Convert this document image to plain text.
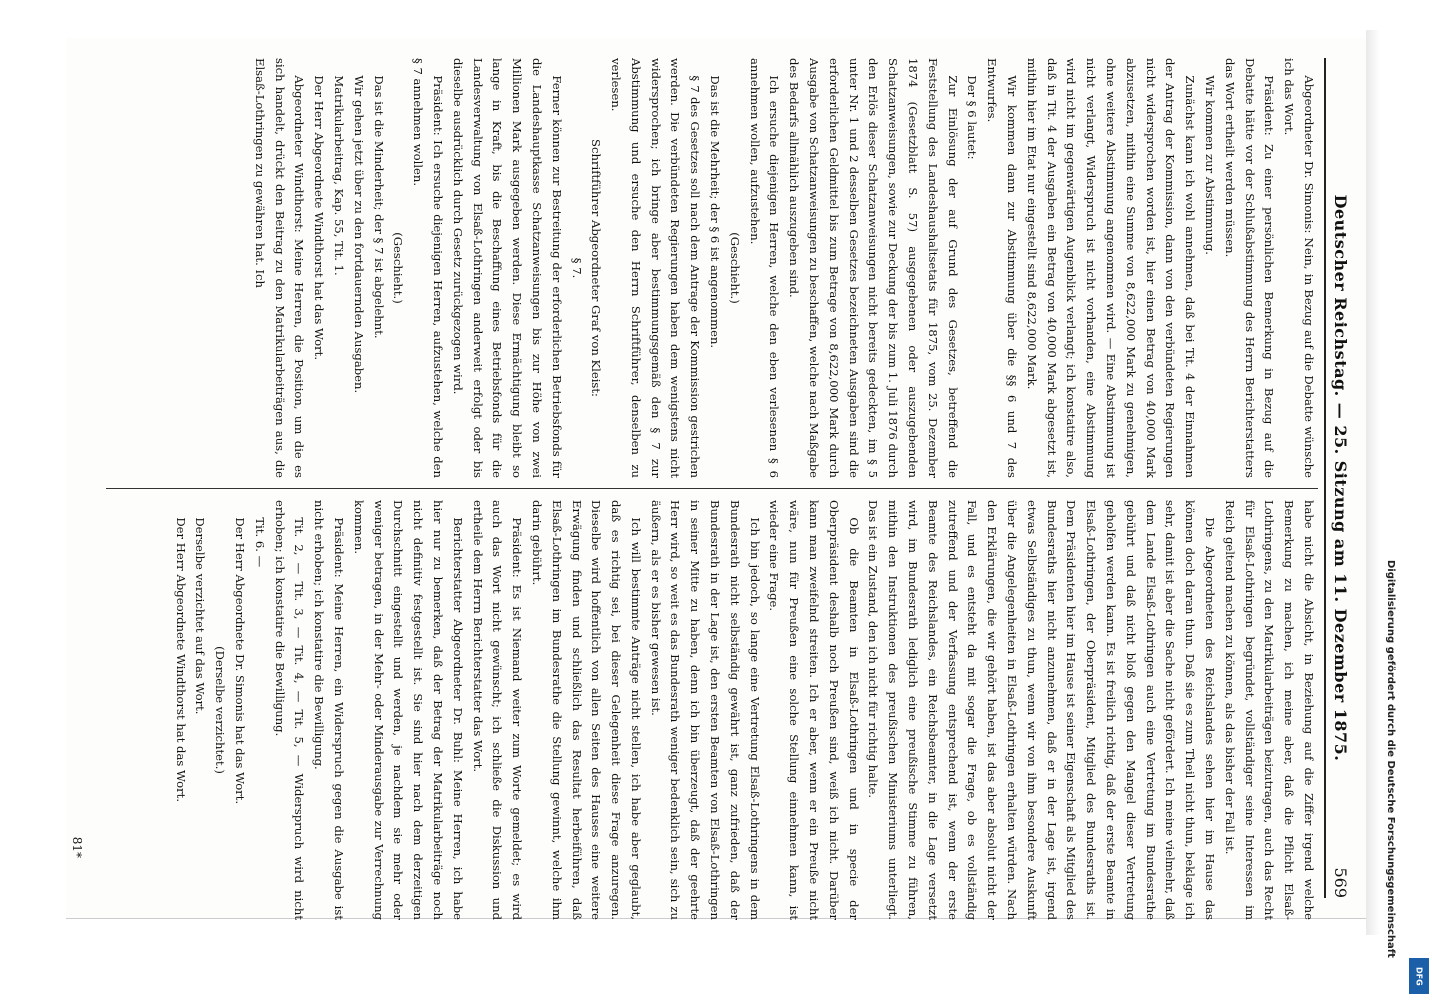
Deutscher Reichstag. — 25. Sitzung am 11. Dezember 1875.
569

Abgeordneter Dr. Simonis: Nein, in Bezug auf die Debatte wünsche ich das Wort.

Präsident: Zu einer persönlichen Bemerkung in Bezug auf die Debatte hätte vor der Schlußabstimmung des Herrn Berichterstatters das Wort ertheilt werden müssen.

Wir kommen zur Abstimmung.

Zunächst kann ich wohl annehmen, daß bei Tit. 4 der Einnahmen der Antrag der Kommission, dann von den verbündeten Regierungen nicht widersprochen worden ist, hier einen Betrag von 40,000 Mark abzusetzen, mithin eine Summe von 8,622,000 Mark zu genehmigen, ohne weitere Abstimmung angenommen wird. — Eine Abstimmung ist nicht verlangt, Widerspruch ist nicht vorhanden, eine Abstimmung wird nicht im gegenwärtigen Augenblick verlangt; ich konstatire also, daß in Tit. 4 der Ausgaben ein Betrag von 40,000 Mark abgesetzt ist, mithin hier im Etat nur eingestellt sind 8,622,000 Mark.

Wir kommen dann zur Abstimmung über die §§ 6 und 7 des Entwurfes.

Der § 6 lautet:

Zur Einlösung der auf Grund des Gesetzes, betreffend die Feststellung des Landeshaushaltsetats für 1875, vom 25. Dezember 1874 (Gesetzblatt S. 57) ausgegebenen oder auszugebenden Schatzanweisungen, sowie zur Deckung der bis zum 1. Juli 1876 durch den Erlös dieser Schatzanweisungen nicht bereits gedeckten, im § 5 unter Nr. 1 und 2 desselben Gesetzes bezeichneten Ausgaben sind die erforderlichen Geldmittel bis zum Betrage von 8,622,000 Mark durch Ausgabe von Schatzanweisungen zu beschaffen, welche nach Maßgabe des Bedarfs allmählich auszugeben sind.

Ich ersuche diejenigen Herren, welche den eben verlesenen § 6 annehmen wollen, aufzustehen.

(Geschieht.)

Das ist die Mehrheit; der § 6 ist angenommen.

§ 7 des Gesetzes soll nach dem Antrage der Kommission gestrichen werden. Die verbündeten Regierungen haben dem wenigstens nicht widersprochen; ich bringe aber bestimmungsgemäß den § 7 zur Abstimmung und ersuche den Herrn Schriftführer, denselben zu verlesen.

Schriftführer Abgeordneter Graf von Kleist:

§ 7.

Ferner können zur Bestreitung der erforderlichen Betriebsfonds für die Landeshauptkasse Schatzanweisungen bis zur Höhe von zwei Millionen Mark ausgegeben werden. Diese Ermächtigung bleibt so lange in Kraft, bis die Beschaffung eines Betriebsfonds für die Landesverwaltung von Elsaß-Lothringen anderweit erfolgt oder bis dieselbe ausdrücklich durch Gesetz zurückgezogen wird.

Präsident: Ich ersuche diejenigen Herren, aufzustehen, welche den § 7 annehmen wollen.

(Geschieht.)

Das ist die Minderheit; der § 7 ist abgelehnt.

Wir gehen jetzt über zu den fortdauernden Ausgaben.

Matrikularbeitrag, Kap. 55, Tit. 1.

Der Herr Abgeordnete Windthorst hat das Wort.

Abgeordneter Windthorst: Meine Herren, die Position, um die es sich handelt, drückt den Beitrag zu den Matrikularbeiträgen aus, die Elsaß-Lothringen zu gewähren hat. Ich

habe nicht die Absicht, in Beziehung auf die Ziffer irgend welche Bemerkung zu machen, ich meine aber, daß die Pflicht Elsaß-Lothringens, zu den Matrikularbeiträgen beizutragen, auch das Recht für Elsaß-Lothringen begründet, vollständiger seine Interessen im Reich geltend machen zu können, als das bisher der Fall ist.

Die Abgeordneten des Reichslandes sehen hier im Hause das können doch daran thun. Daß sie es zum Theil nicht thun, beklage ich sehr, damit ist aber die Sache nicht gefördert. Ich meine vielmehr, daß dem Lande Elsaß-Lothringen auch eine Vertretung im Bundesrathe gebührt und daß nicht bloß gegen den Mangel dieser Vertretung geholfen werden kann. Es ist freilich richtig, daß der erste Beamte in Elsaß-Lothringen, der Oberpräsident, Mitglied des Bundesraths ist. Dem Präsidenten hier im Hause ist seiner Eigenschaft als Mitglied des Bundesraths hier nicht anzunehmen, daß er in der Lage ist, irgend etwas Selbständiges zu thun, wenn wir von ihm besondere Auskunft über die Angelegenheiten in Elsaß-Lothringen erhalten würden. Nach den Erklärungen, die wir gehört haben, ist das aber absolut nicht der Fall, und es entsteht da mit sogar die Frage, ob es vollständig zutreffend und der Verfassung entsprechend ist, wenn der erste Beamte des Reichslandes, ein Reichsbeamter, in die Lage versetzt wird, im Bundesrath lediglich eine preußische Stimme zu führen, mithin den Instruktionen des preußischen Ministeriums unterliegt. Das ist ein Zustand, den ich nicht für richtig halte.

Ob die Beamten in Elsaß-Lothringen und in specie der Oberpräsident deshalb noch Preußen sind, weiß ich nicht. Darüber kann man zweifelnd streiten. Ich er aber, wenn er ein Preuße nicht wäre, nun für Preußen eine solche Stellung einnehmen kann, ist wieder eine Frage.

Ich bin jedoch, so lange eine Vertretung Elsaß-Lothringens in dem Bundesrath nicht selbständig gewährt ist, ganz zufrieden, daß der Bundesrath in der Lage ist, den ersten Beamten von Elsaß-Lothringen in seiner Mitte zu haben, denn ich bin überzeugt, daß der geehrte Herr wird, so weit es das Bundesrath weniger bedenklich sein, sich zu äußern, als er es bisher gewesen ist.

Ich will bestimmte Anträge nicht stellen, ich habe aber geglaubt, daß es richtig sei, bei dieser Gelegenheit diese Frage anzuregen. Dieselbe wird hoffentlich von allen Seiten des Hauses eine weitere Erwägung finden und schließlich das Resultat herbeiführen, daß Elsaß-Lothringen im Bundesrathe die Stellung gewinnt, welche ihm darin gebührt.

Präsident: Es ist Niemand weiter zum Worte gemeldet; es wird auch das Wort nicht gewünscht; ich schließe die Diskussion und ertheile dem Herrn Berichterstatter das Wort.

Berichterstatter Abgeordneter Dr. Buhl: Meine Herren, ich habe hier nur zu bemerken, daß der Betrag der Matrikularbeiträge noch nicht definitiv festgestellt ist. Sie sind hier nach dem derzeitigen Durchschnitt eingestellt und werden, je nachdem sie mehr oder weniger betragen, in der Mehr- oder Minderausgabe zur Verrechnung kommen.

Präsident: Meine Herren, ein Widerspruch gegen die Ausgabe ist nicht erhoben; ich konstatire die Bewilligung.

Tit. 2, — Tit. 3, — Tit. 4, — Tit. 5, — Widerspruch wird nicht erhoben; ich konstatire die Bewilligung.

Tit. 6. —

Der Herr Abgeordnete Dr. Simonis hat das Wort.

(Derselbe verzichtet.)

Derselbe verzichtet auf das Wort.

Der Herr Abgeordnete Windthorst hat das Wort.

81*	Digitalisierung gefördert durch die Deutsche Forschungsgemeinschaft
DFG
